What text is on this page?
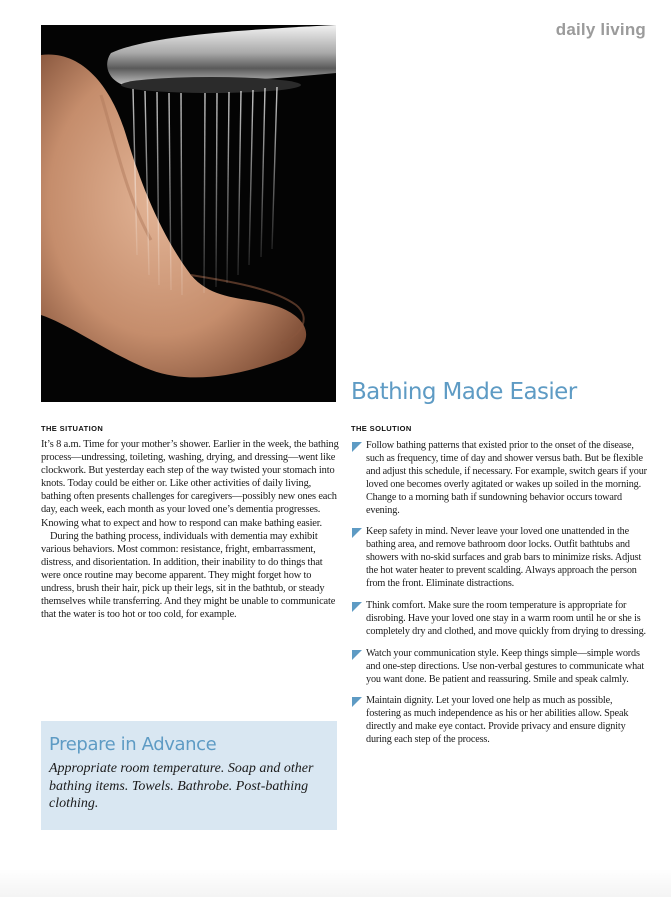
daily living
Bathing Made Easier
THE SITUATION	THE SOLUTION

It’s 8 a.m. Time for your mother’s shower. Earlier in the week, the bathing process—undressing, toileting, washing, drying, and dressing—went like clockwork. But yesterday each step of the way twisted your stomach into knots. Today could be either or. Like other activities of daily living, bathing often presents challenges for caregivers—possibly new ones each day, each week, each month as your loved one’s dementia progresses. Knowing what to expect and how to respond can make bathing easier.

During the bathing process, individuals with dementia may exhibit various behaviors. Most common: resistance, fright, embarrassment, distress, and disorientation. In addition, their inability to do things that were once routine may become apparent. They might forget how to undress, brush their hair, pick up their legs, sit in the bathtub, or steady themselves while transferring. And they might be unable to communicate that the water is too hot or too cold, for example.

Follow bathing patterns that existed prior to the onset of the disease, such as frequency, time of day and shower versus bath. But be flexible and adjust this schedule, if necessary. For example, switch gears if your loved one becomes overly agitated or wakes up soiled in the morning. Change to a morning bath if sundowning behavior occurs toward evening.
Keep safety in mind. Never leave your loved one unattended in the bathing area, and remove bathroom door locks. Outfit bathtubs and showers with no-skid surfaces and grab bars to minimize risks. Adjust the hot water heater to prevent scalding. Always approach the person from the front. Eliminate distractions.
Think comfort. Make sure the room temperature is appropriate for disrobing. Have your loved one stay in a warm room until he or she is completely dry and clothed, and move quickly from drying to dressing.
Watch your communication style. Keep things simple—simple words and one-step directions. Use non-verbal gestures to communicate what you want done. Be patient and reassuring. Smile and speak calmly.
Maintain dignity. Let your loved one help as much as possible, fostering as much independence as his or her abilities allow. Speak directly and make eye contact. Provide privacy and ensure dignity during each step of the process.
Prepare in Advance

Appropriate room temperature. Soap and other bathing items. Towels. Bathrobe. Post-bathing clothing.
